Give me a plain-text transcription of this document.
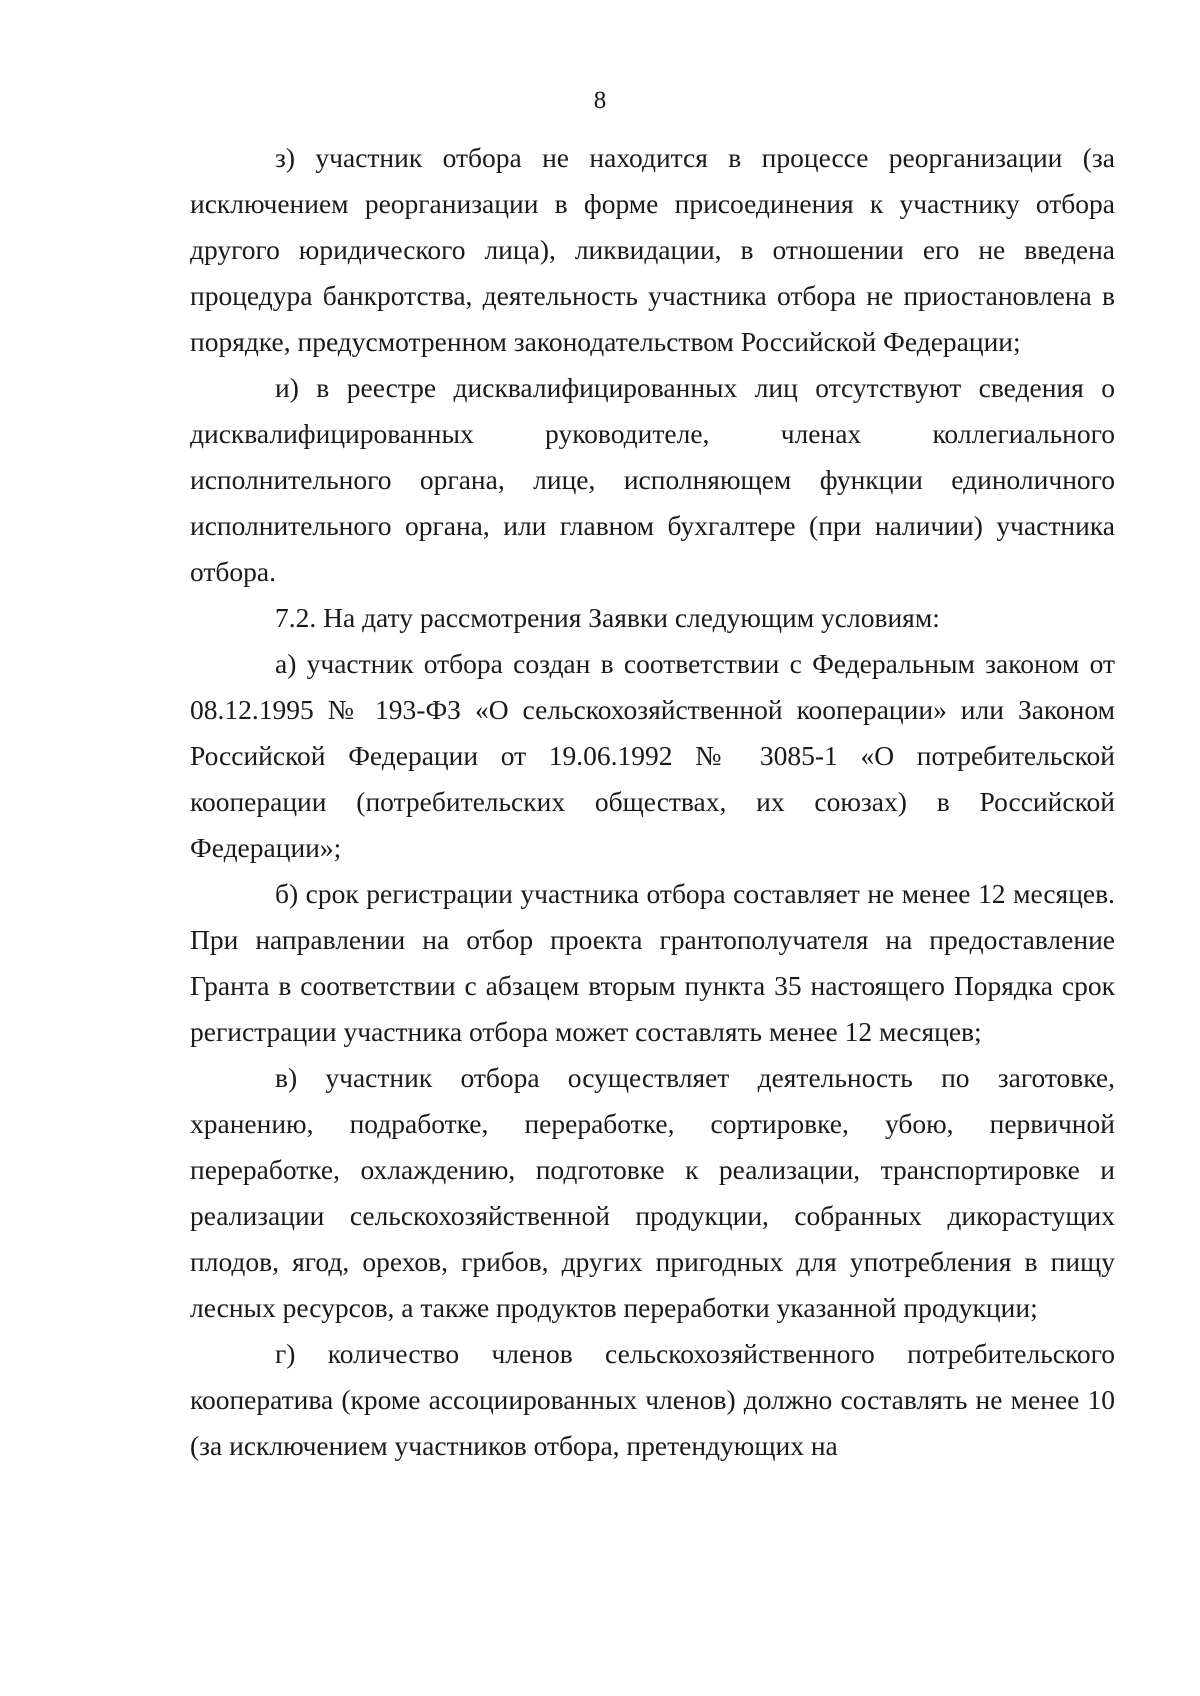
8

з) участник отбора не находится в процессе реорганизации (за исключением реорганизации в форме присоединения к участнику отбора другого юридического лица), ликвидации, в отношении его не введена процедура банкротства, деятельность участника отбора не приостановлена в порядке, предусмотренном законодательством Российской Федерации;

и) в реестре дисквалифицированных лиц отсутствуют сведения о дисквалифицированных руководителе, членах коллегиального исполнительного органа, лице, исполняющем функции единоличного исполнительного органа, или главном бухгалтере (при наличии) участника отбора.

7.2. На дату рассмотрения Заявки следующим условиям:

а) участник отбора создан в соответствии с Федеральным законом от 08.12.1995 № 193-ФЗ «О сельскохозяйственной кооперации» или Законом Российской Федерации от 19.06.1992 № 3085-1 «О потребительской кооперации (потребительских обществах, их союзах) в Российской Федерации»;

б) срок регистрации участника отбора составляет не менее 12 месяцев. При направлении на отбор проекта грантополучателя на предоставление Гранта в соответствии с абзацем вторым пункта 35 настоящего Порядка срок регистрации участника отбора может составлять менее 12 месяцев;

в) участник отбора осуществляет деятельность по заготовке, хранению, подработке, переработке, сортировке, убою, первичной переработке, охлаждению, подготовке к реализации, транспортировке и реализации сельскохозяйственной продукции, собранных дикорастущих плодов, ягод, орехов, грибов, других пригодных для употребления в пищу лесных ресурсов, а также продуктов переработки указанной продукции;

г) количество членов сельскохозяйственного потребительского кооператива (кроме ассоциированных членов) должно составлять не менее 10 (за исключением участников отбора, претендующих на
